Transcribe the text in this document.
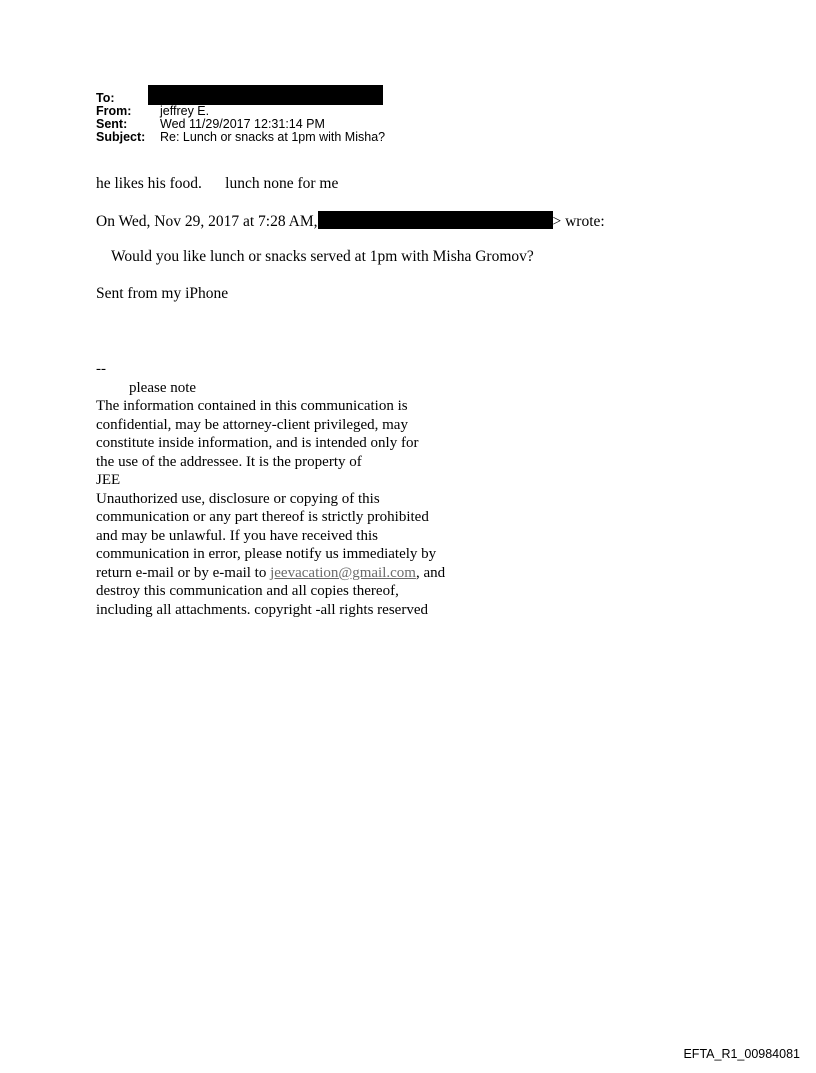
To:
From:	jeffrey E.
Sent:	Wed 11/29/2017 12:31:14 PM
Subject:	Re: Lunch or snacks at 1pm with Misha?
he likes his food.      lunch none for me
On Wed, Nov 29, 2017 at 7:28 AM,	> wrote:
Would you like lunch or snacks served at 1pm with Misha Gromov?
Sent from my iPhone
--
please note
The information contained in this communication is
confidential, may be attorney-client privileged, may
constitute inside information, and is intended only for
the use of the addressee. It is the property of
JEE
Unauthorized use, disclosure or copying of this
communication or any part thereof is strictly prohibited
and may be unlawful. If you have received this
communication in error, please notify us immediately by
return e-mail or by e-mail to jeevacation@gmail.com, and
destroy this communication and all copies thereof,
including all attachments. copyright -all rights reserved
EFTA_R1_00984081
